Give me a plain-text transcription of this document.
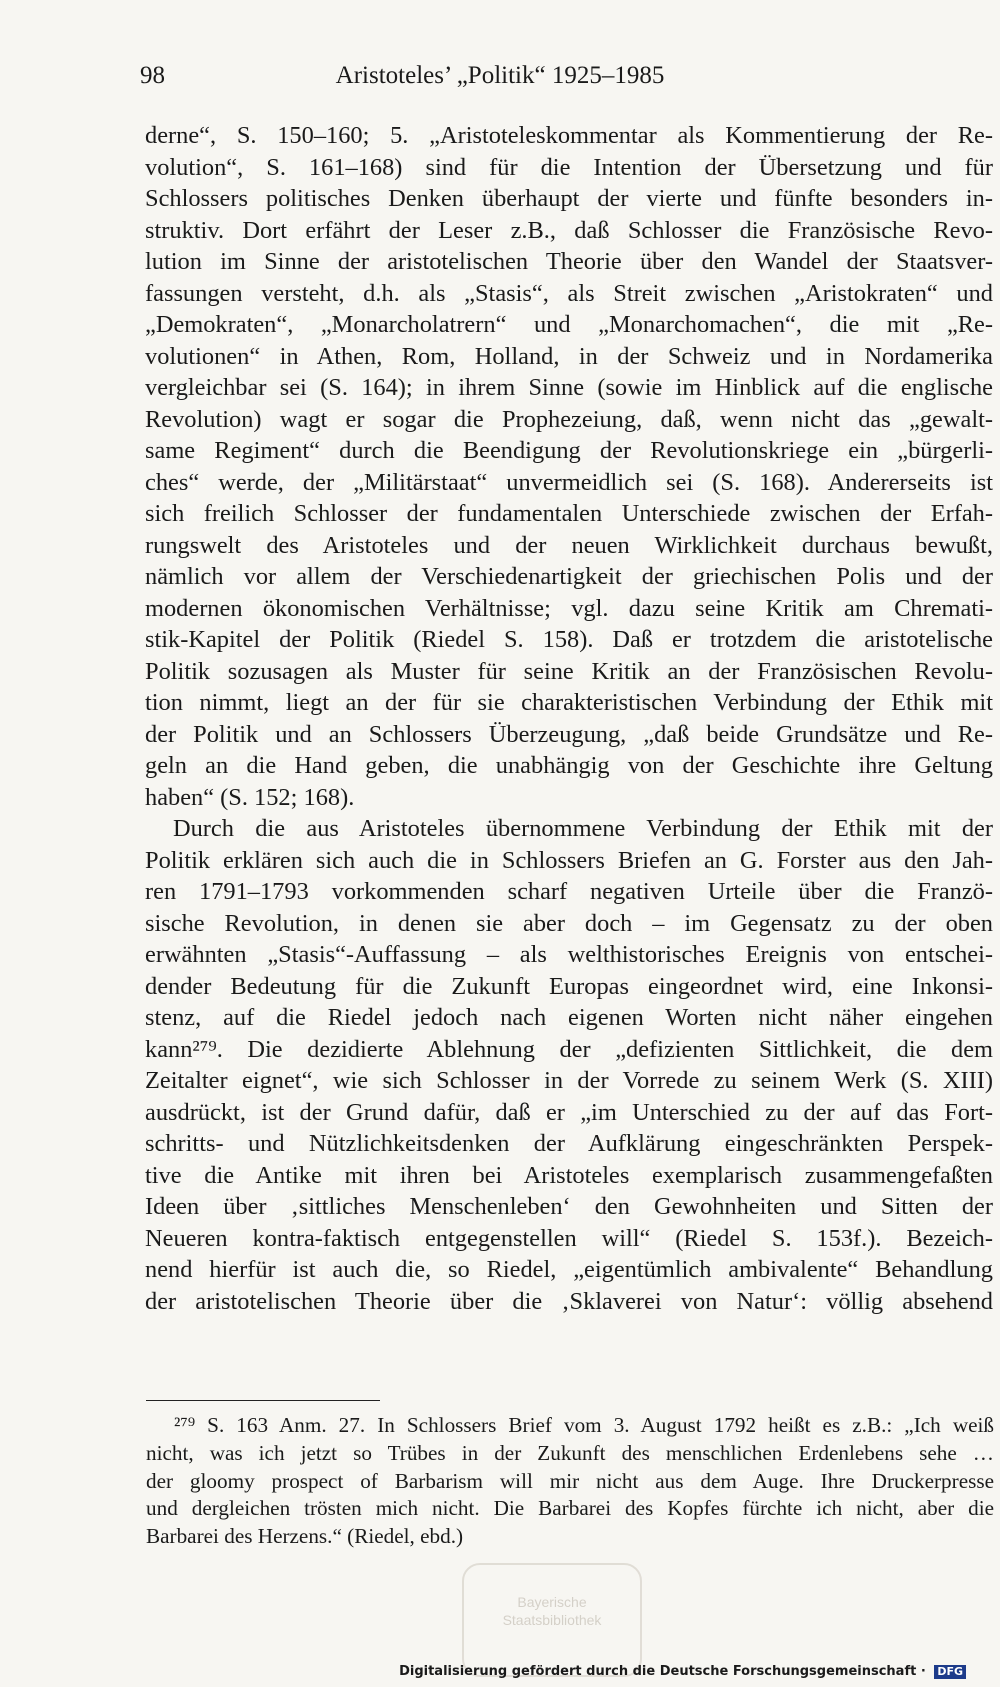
98	Aristoteles’ „Politik“ 1925–1985
derne“, S. 150–160; 5. „Aristoteleskommentar als Kommentierung der Re-
volution“, S. 161–168) sind für die Intention der Übersetzung und für
Schlossers politisches Denken überhaupt der vierte und fünfte besonders in-
struktiv. Dort erfährt der Leser z.B., daß Schlosser die Französische Revo-
lution im Sinne der aristotelischen Theorie über den Wandel der Staatsver-
fassungen versteht, d.h. als „Stasis“, als Streit zwischen „Aristokraten“ und
„Demokraten“, „Monarcholatrern“ und „Monarchomachen“, die mit „Re-
volutionen“ in Athen, Rom, Holland, in der Schweiz und in Nordamerika
vergleichbar sei (S. 164); in ihrem Sinne (sowie im Hinblick auf die englische
Revolution) wagt er sogar die Prophezeiung, daß, wenn nicht das „gewalt-
same Regiment“ durch die Beendigung der Revolutionskriege ein „bürgerli-
ches“ werde, der „Militärstaat“ unvermeidlich sei (S. 168). Andererseits ist
sich freilich Schlosser der fundamentalen Unterschiede zwischen der Erfah-
rungswelt des Aristoteles und der neuen Wirklichkeit durchaus bewußt,
nämlich vor allem der Verschiedenartigkeit der griechischen Polis und der
modernen ökonomischen Verhältnisse; vgl. dazu seine Kritik am Chremati-
stik-Kapitel der Politik (Riedel S. 158). Daß er trotzdem die aristotelische
Politik sozusagen als Muster für seine Kritik an der Französischen Revolu-
tion nimmt, liegt an der für sie charakteristischen Verbindung der Ethik mit
der Politik und an Schlossers Überzeugung, „daß beide Grundsätze und Re-
geln an die Hand geben, die unabhängig von der Geschichte ihre Geltung
haben“ (S. 152; 168).
Durch die aus Aristoteles übernommene Verbindung der Ethik mit der
Politik erklären sich auch die in Schlossers Briefen an G. Forster aus den Jah-
ren 1791–1793 vorkommenden scharf negativen Urteile über die Franzö-
sische Revolution, in denen sie aber doch – im Gegensatz zu der oben
erwähnten „Stasis“-Auffassung – als welthistorisches Ereignis von entschei-
dender Bedeutung für die Zukunft Europas eingeordnet wird, eine Inkonsi-
stenz, auf die Riedel jedoch nach eigenen Worten nicht näher eingehen
kann²⁷⁹. Die dezidierte Ablehnung der „defizienten Sittlichkeit, die dem
Zeitalter eignet“, wie sich Schlosser in der Vorrede zu seinem Werk (S. XIII)
ausdrückt, ist der Grund dafür, daß er „im Unterschied zu der auf das Fort-
schritts- und Nützlichkeitsdenken der Aufklärung eingeschränkten Perspek-
tive die Antike mit ihren bei Aristoteles exemplarisch zusammengefaßten
Ideen über ‚sittliches Menschenleben‘ den Gewohnheiten und Sitten der
Neueren kontra-faktisch entgegenstellen will“ (Riedel S. 153f.). Bezeich-
nend hierfür ist auch die, so Riedel, „eigentümlich ambivalente“ Behandlung
der aristotelischen Theorie über die ‚Sklaverei von Natur‘: völlig absehend
²⁷⁹ S. 163 Anm. 27. In Schlossers Brief vom 3. August 1792 heißt es z.B.: „Ich weiß
nicht, was ich jetzt so Trübes in der Zukunft des menschlichen Erdenlebens sehe …
der gloomy prospect of Barbarism will mir nicht aus dem Auge. Ihre Druckerpresse
und dergleichen trösten mich nicht. Die Barbarei des Kopfes fürchte ich nicht, aber die
Barbarei des Herzens.“ (Riedel, ebd.)
Bayerische
Staatsbibliothek
Digitalisierung gefördert durch die Deutsche Forschungsgemeinschaft · DFG
